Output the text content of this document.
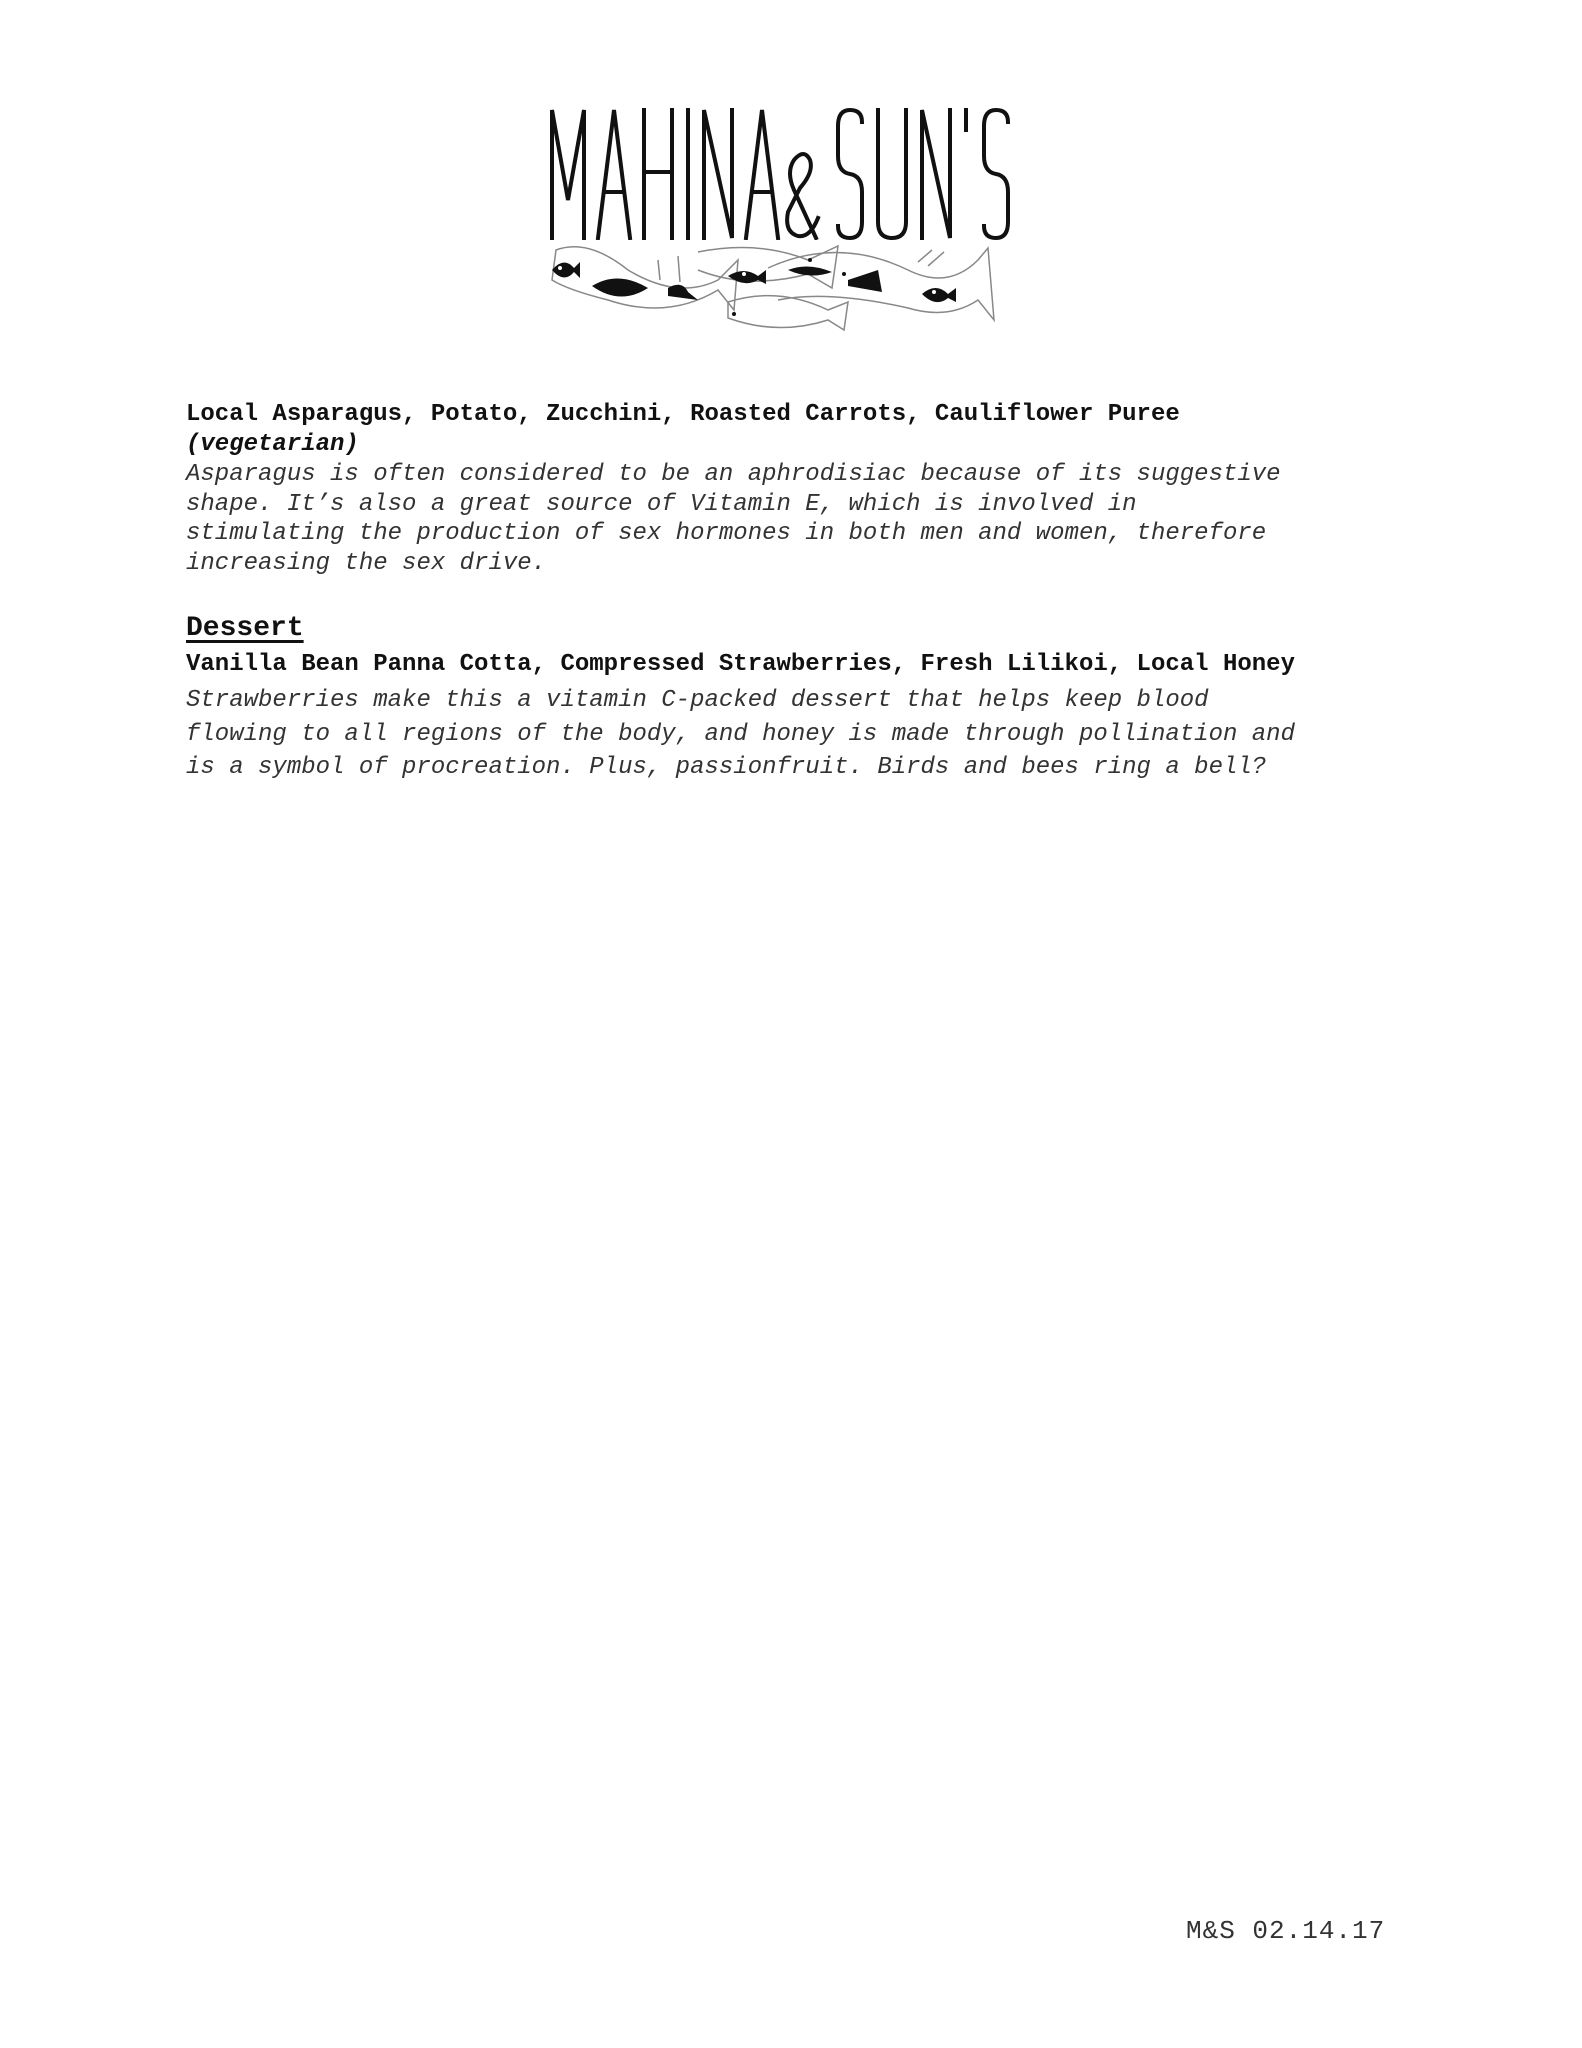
Local Asparagus, Potato, Zucchini, Roasted Carrots, Cauliflower Puree

(vegetarian)

Asparagus is often considered to be an aphrodisiac because of its suggestive
shape. It’s also a great source of Vitamin E, which is involved in
stimulating the production of sex hormones in both men and women, therefore
increasing the sex drive.

Dessert

Vanilla Bean Panna Cotta, Compressed Strawberries, Fresh Lilikoi, Local Honey

Strawberries make this a vitamin C-packed dessert that helps keep blood
flowing to all regions of the body, and honey is made through pollination and
is a symbol of procreation. Plus, passionfruit. Birds and bees ring a bell?

M&S 02.14.17
